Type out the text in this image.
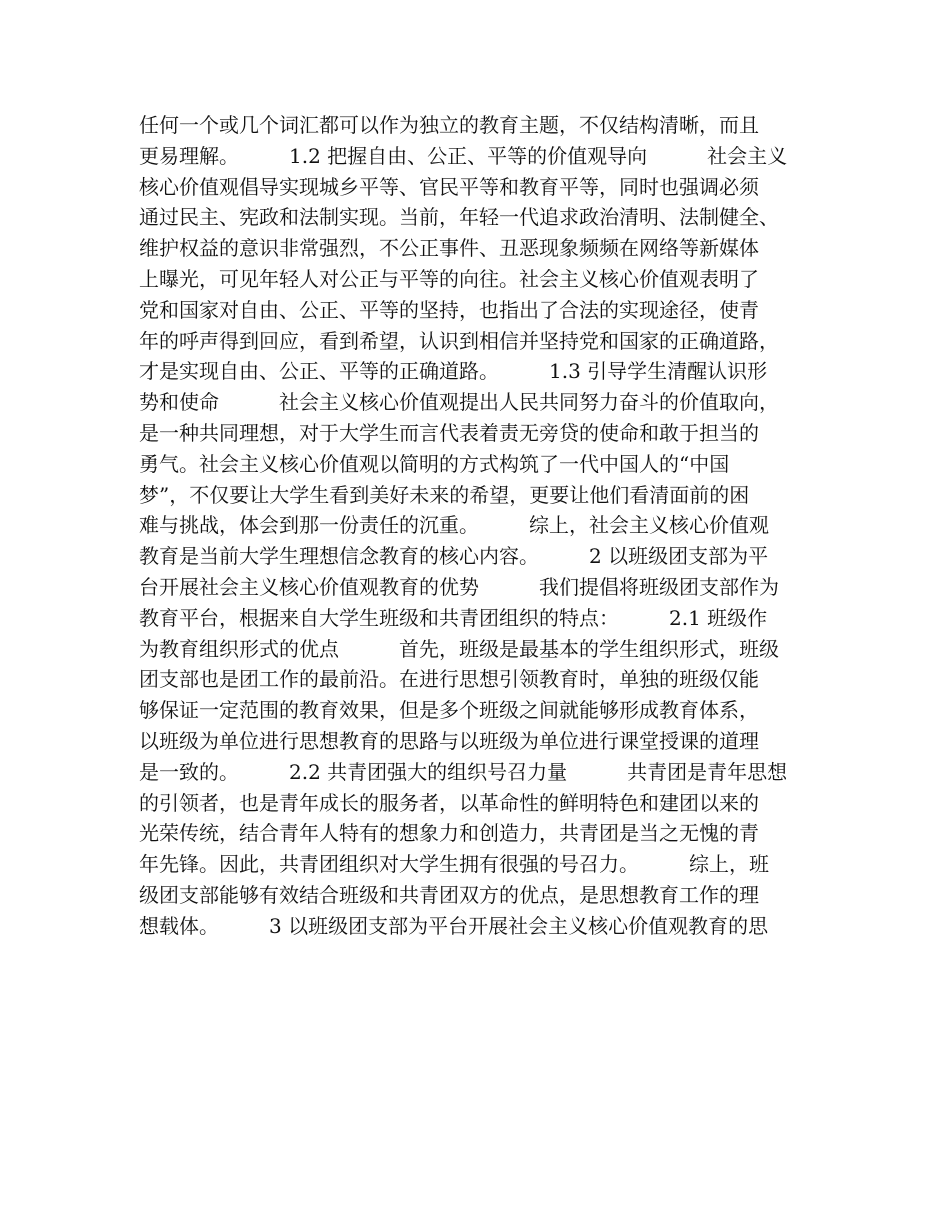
任何一个或几个词汇都可以作为独立的教育主题，不仅结构清晰，而且
更易理解。　　　1.2 把握自由、公正、平等的价值观导向　　　社会主义
核心价值观倡导实现城乡平等、官民平等和教育平等，同时也强调必须
通过民主、宪政和法制实现。当前，年轻一代追求政治清明、法制健全、
维护权益的意识非常强烈，不公正事件、丑恶现象频频在网络等新媒体
上曝光，可见年轻人对公正与平等的向往。社会主义核心价值观表明了
党和国家对自由、公正、平等的坚持，也指出了合法的实现途径，使青
年的呼声得到回应，看到希望，认识到相信并坚持党和国家的正确道路，
才是实现自由、公正、平等的正确道路。　　　1.3 引导学生清醒认识形
势和使命　　　社会主义核心价值观提出人民共同努力奋斗的价值取向，
是一种共同理想，对于大学生而言代表着责无旁贷的使命和敢于担当的
勇气。社会主义核心价值观以简明的方式构筑了一代中国人的“中国
梦”，不仅要让大学生看到美好未来的希望，更要让他们看清面前的困
难与挑战，体会到那一份责任的沉重。　　　综上，社会主义核心价值观
教育是当前大学生理想信念教育的核心内容。　　　2 以班级团支部为平
台开展社会主义核心价值观教育的优势　　　我们提倡将班级团支部作为
教育平台，根据来自大学生班级和共青团组织的特点：　　　2.1 班级作
为教育组织形式的优点　　　首先，班级是最基本的学生组织形式，班级
团支部也是团工作的最前沿。在进行思想引领教育时，单独的班级仅能
够保证一定范围的教育效果，但是多个班级之间就能够形成教育体系，
以班级为单位进行思想教育的思路与以班级为单位进行课堂授课的道理
是一致的。　　　2.2 共青团强大的组织号召力量　　　共青团是青年思想
的引领者，也是青年成长的服务者，以革命性的鲜明特色和建团以来的
光荣传统，结合青年人特有的想象力和创造力，共青团是当之无愧的青
年先锋。因此，共青团组织对大学生拥有很强的号召力。　　　综上，班
级团支部能够有效结合班级和共青团双方的优点，是思想教育工作的理
想载体。　　　3 以班级团支部为平台开展社会主义核心价值观教育的思
